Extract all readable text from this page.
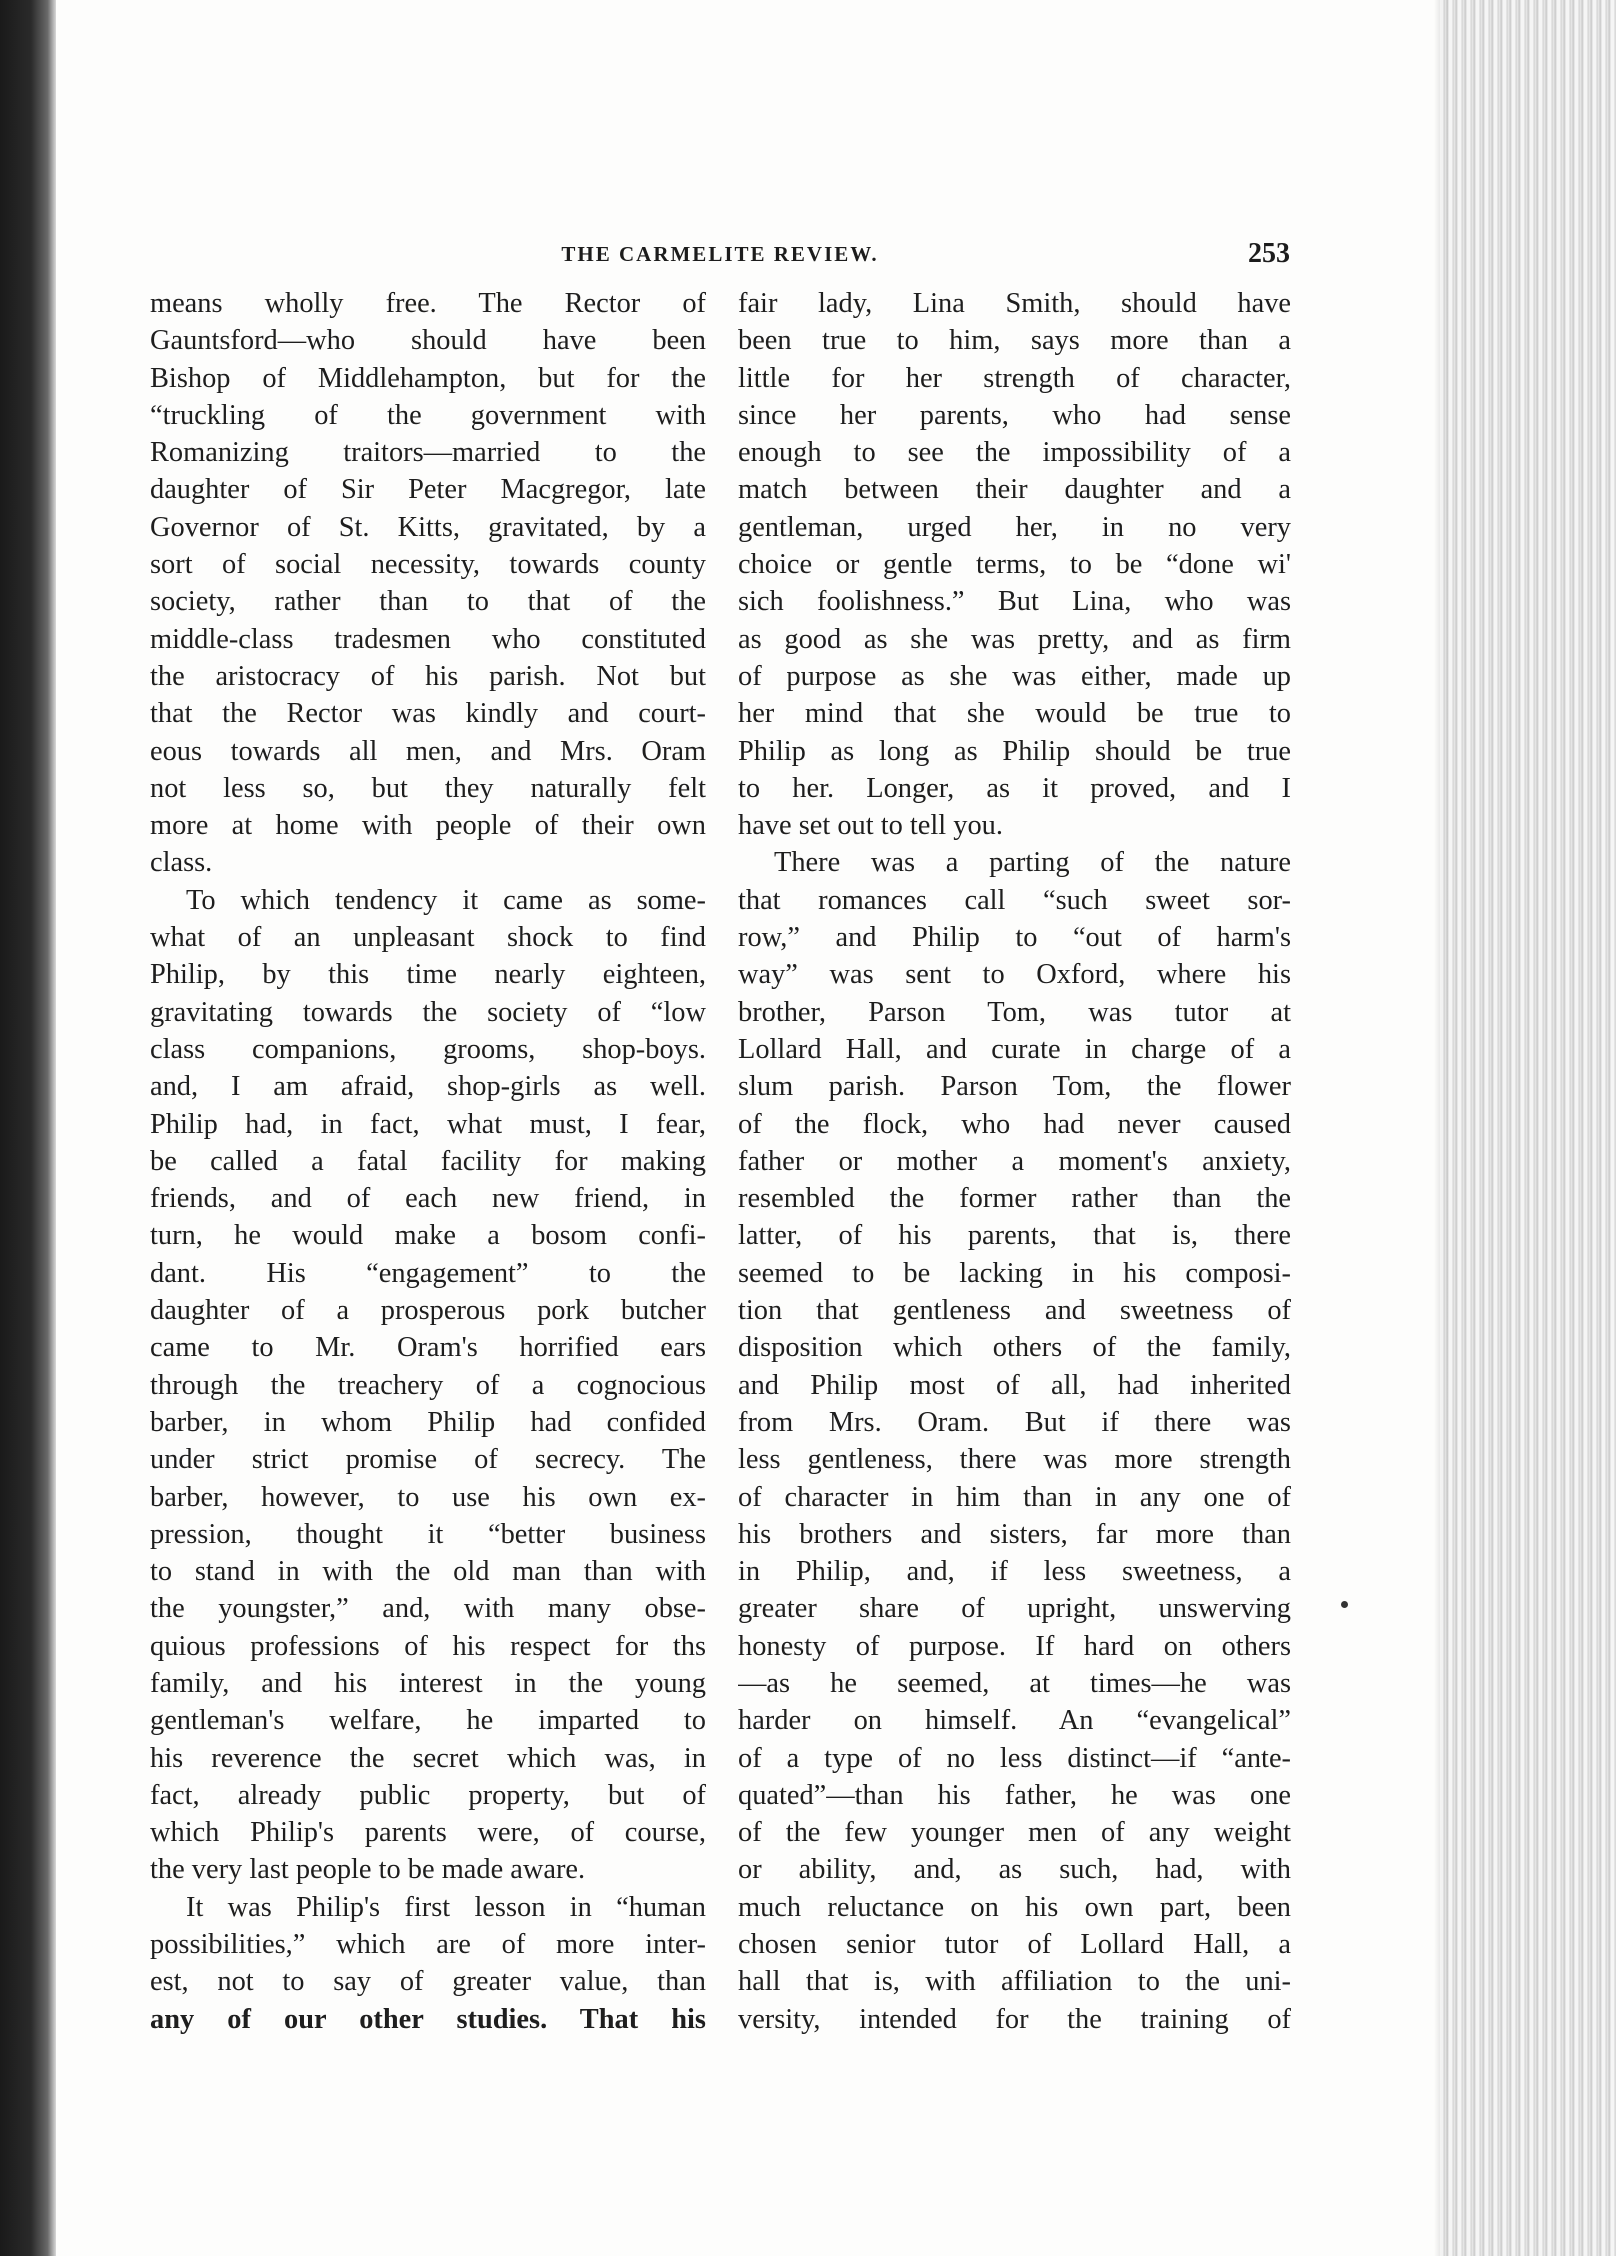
THE CARMELITE REVIEW.	253
means wholly free. The Rector of
Gauntsford—who should have been
Bishop of Middlehampton, but for the
“truckling of the government with
Romanizing traitors—married to the
daughter of Sir Peter Macgregor, late
Governor of St. Kitts, gravitated, by a
sort of social necessity, towards county
society, rather than to that of the
middle-class tradesmen who constituted
the aristocracy of his parish. Not but
that the Rector was kindly and court-
eous towards all men, and Mrs. Oram
not less so, but they naturally felt
more at home with people of their own
class.
To which tendency it came as some-
what of an unpleasant shock to find
Philip, by this time nearly eighteen,
gravitating towards the society of “low
class companions, grooms, shop-boys.
and, I am afraid, shop-girls as well.
Philip had, in fact, what must, I fear,
be called a fatal facility for making
friends, and of each new friend, in
turn, he would make a bosom confi-
dant. His “engagement” to the
daughter of a prosperous pork butcher
came to Mr. Oram's horrified ears
through the treachery of a cognocious
barber, in whom Philip had confided
under strict promise of secrecy. The
barber, however, to use his own ex-
pression, thought it “better business
to stand in with the old man than with
the youngster,” and, with many obse-
quious professions of his respect for ths
family, and his interest in the young
gentleman's welfare, he imparted to
his reverence the secret which was, in
fact, already public property, but of
which Philip's parents were, of course,
the very last people to be made aware.
It was Philip's first lesson in “human
possibilities,” which are of more inter-
est, not to say of greater value, than
any of our other studies. That his
fair lady, Lina Smith, should have
been true to him, says more than a
little for her strength of character,
since her parents, who had sense
enough to see the impossibility of a
match between their daughter and a
gentleman, urged her, in no very
choice or gentle terms, to be “done wi'
sich foolishness.” But Lina, who was
as good as she was pretty, and as firm
of purpose as she was either, made up
her mind that she would be true to
Philip as long as Philip should be true
to her. Longer, as it proved, and I
have set out to tell you.
There was a parting of the nature
that romances call “such sweet sor-
row,” and Philip to “out of harm's
way” was sent to Oxford, where his
brother, Parson Tom, was tutor at
Lollard Hall, and curate in charge of a
slum parish. Parson Tom, the flower
of the flock, who had never caused
father or mother a moment's anxiety,
resembled the former rather than the
latter, of his parents, that is, there
seemed to be lacking in his composi-
tion that gentleness and sweetness of
disposition which others of the family,
and Philip most of all, had inherited
from Mrs. Oram. But if there was
less gentleness, there was more strength
of character in him than in any one of
his brothers and sisters, far more than
in Philip, and, if less sweetness, a
greater share of upright, unswerving
honesty of purpose. If hard on others
—as he seemed, at times—he was
harder on himself. An “evangelical”
of a type of no less distinct—if “ante-
quated”—than his father, he was one
of the few younger men of any weight
or ability, and, as such, had, with
much reluctance on his own part, been
chosen senior tutor of Lollard Hall, a
hall that is, with affiliation to the uni-
versity, intended for the training of
